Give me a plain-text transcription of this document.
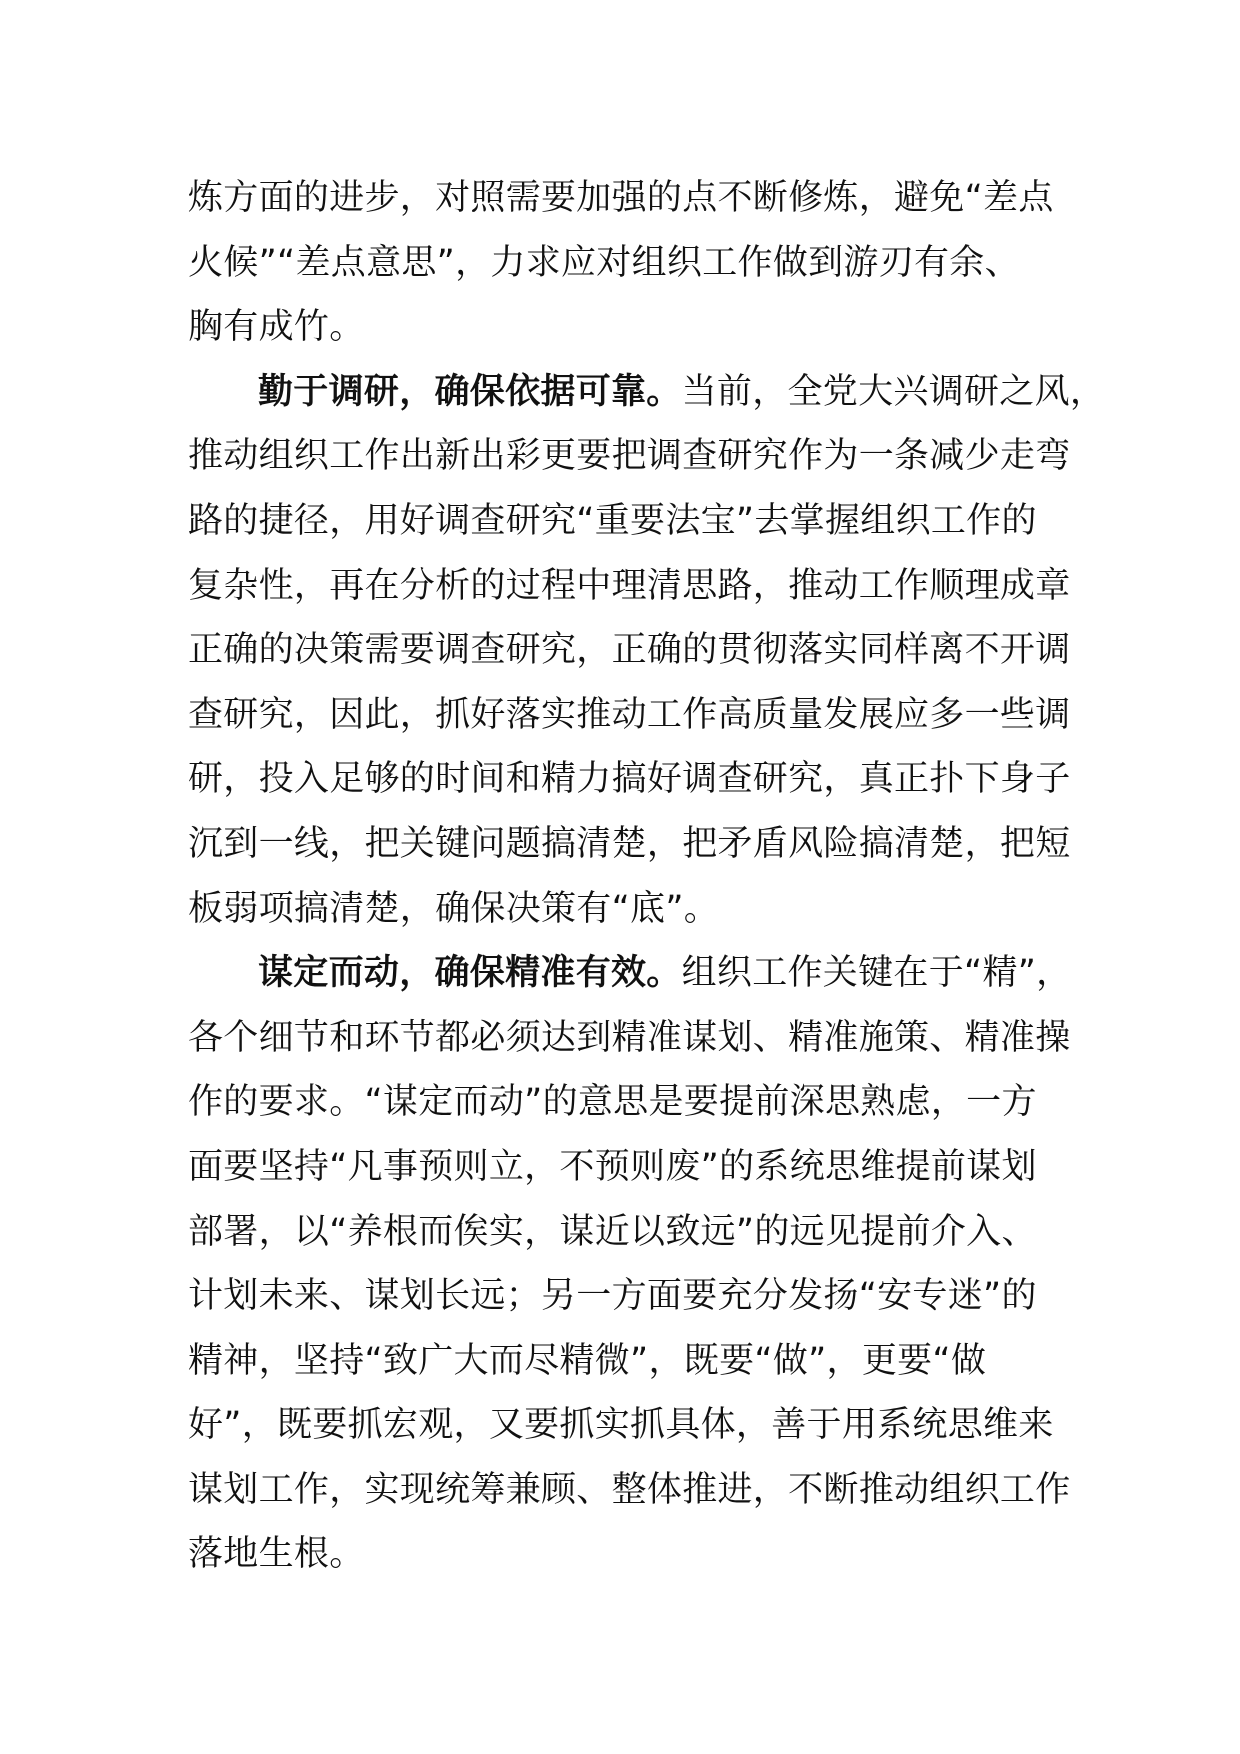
炼方面的进步，对照需要加强的点不断修炼，避免“差点
火候”“差点意思”，力求应对组织工作做到游刃有余、
胸有成竹。
勤于调研，确保依据可靠。当前，全党大兴调研之风，
推动组织工作出新出彩更要把调查研究作为一条减少走弯
路的捷径，用好调查研究“重要法宝”去掌握组织工作的
复杂性，再在分析的过程中理清思路，推动工作顺理成章
正确的决策需要调查研究，正确的贯彻落实同样离不开调
查研究，因此，抓好落实推动工作高质量发展应多一些调
研，投入足够的时间和精力搞好调查研究，真正扑下身子
沉到一线，把关键问题搞清楚，把矛盾风险搞清楚，把短
板弱项搞清楚，确保决策有“底”。
谋定而动，确保精准有效。组织工作关键在于“精”，
各个细节和环节都必须达到精准谋划、精准施策、精准操
作的要求。“谋定而动”的意思是要提前深思熟虑，一方
面要坚持“凡事预则立，不预则废”的系统思维提前谋划
部署，以“养根而俟实，谋近以致远”的远见提前介入、
计划未来、谋划长远；另一方面要充分发扬“安专迷”的
精神，坚持“致广大而尽精微”，既要“做”，更要“做
好”，既要抓宏观，又要抓实抓具体，善于用系统思维来
谋划工作，实现统筹兼顾、整体推进，不断推动组织工作
落地生根。
